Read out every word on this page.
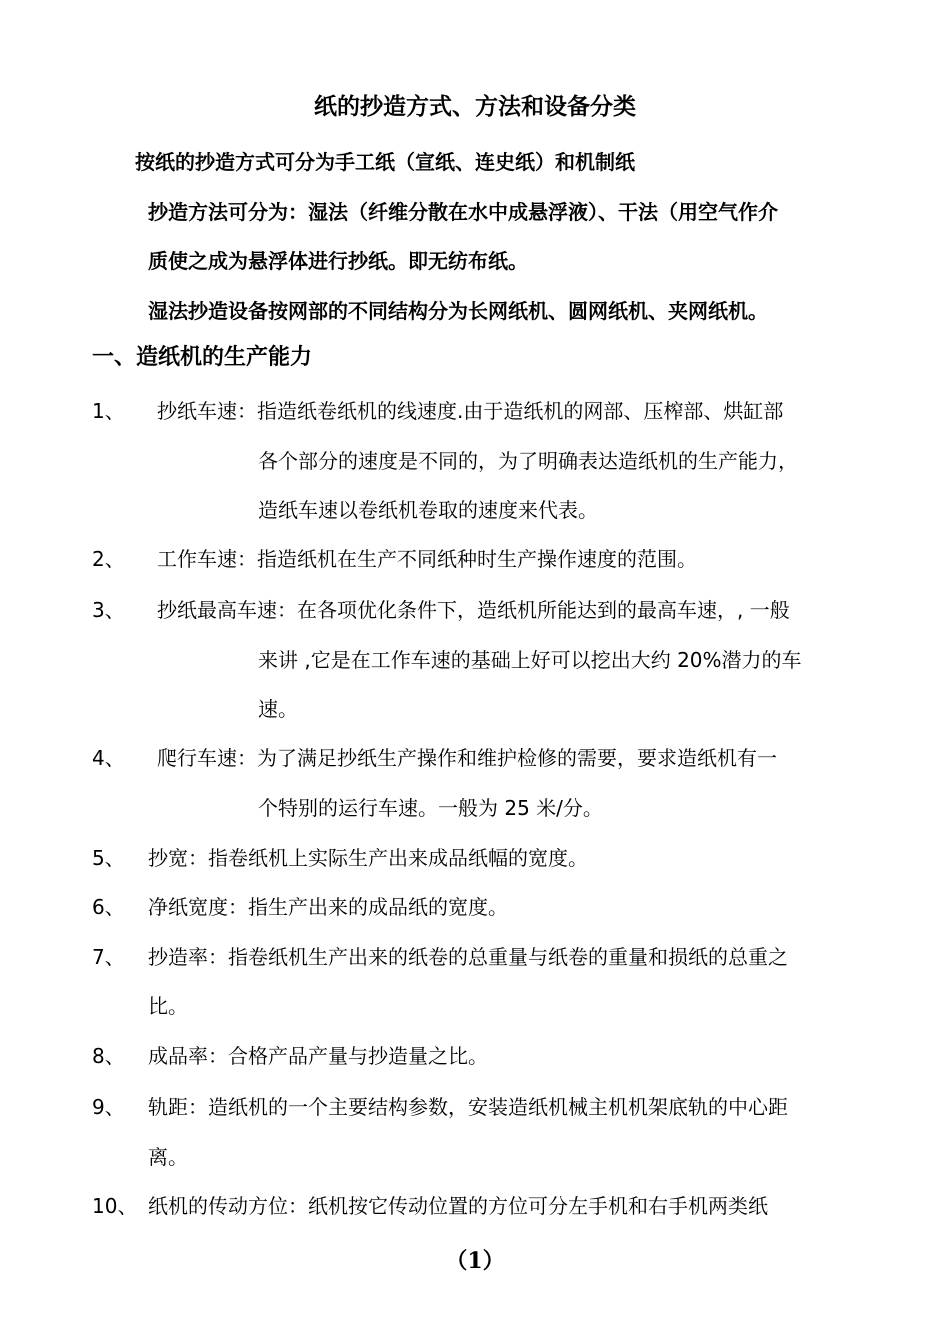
纸的抄造方式、方法和设备分类
按纸的抄造方式可分为手工纸（宣纸、连史纸）和机制纸
抄造方法可分为：湿法（纤维分散在水中成悬浮液）、干法（用空气作介
质使之成为悬浮体进行抄纸。即无纺布纸。
湿法抄造设备按网部的不同结构分为长网纸机、圆网纸机、夹网纸机。
一、造纸机的生产能力
1、 抄纸车速：指造纸卷纸机的线速度.由于造纸机的网部、压榨部、烘缸部
各个部分的速度是不同的，为了明确表达造纸机的生产能力，
造纸车速以卷纸机卷取的速度来代表。
2、 工作车速：指造纸机在生产不同纸种时生产操作速度的范围。
3、 抄纸最高车速：在各项优化条件下，造纸机所能达到的最高车速，, 一般
来讲 ,它是在工作车速的基础上好可以挖出大约 20%潜力的车
速。
4、 爬行车速：为了满足抄纸生产操作和维护检修的需要，要求造纸机有一
个特别的运行车速。一般为 25 米/分。
5、 抄宽：指卷纸机上实际生产出来成品纸幅的宽度。
6、 净纸宽度：指生产出来的成品纸的宽度。
7、 抄造率：指卷纸机生产出来的纸卷的总重量与纸卷的重量和损纸的总重之
比。
8、 成品率：合格产品产量与抄造量之比。
9、 轨距：造纸机的一个主要结构参数，安装造纸机械主机机架底轨的中心距
离。
10、 纸机的传动方位：纸机按它传动位置的方位可分左手机和右手机两类纸
（1）
